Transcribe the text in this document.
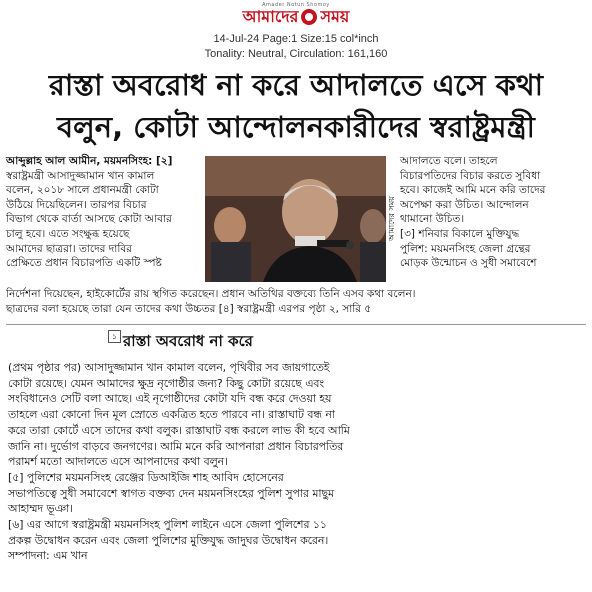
Amader Notun Shomoy
আমাদের সময়
14-Jul-24 Page:1 Size:15 col*inch
Tonality: Neutral, Circulation: 161,160
রাস্তা অবরোধ না করে আদালতে এসে কথা
বলুন, কোটা আন্দোলনকারীদের স্বরাষ্ট্রমন্ত্রী
আব্দুল্লাহ আল আমীন, ময়মনসিংহ: [২]
স্বরাষ্ট্রমন্ত্রী আসাদুজ্জামান খান কামাল
বলেন, ২০১৮ সালে প্রধানমন্ত্রী কোটা
উঠিয়ে দিয়েছিলেন। তারপর বিচার
বিভাগ থেকে বার্তা আসছে কোটা আবার
চালু হবে। এতে সংক্ষুব্ধ হয়েছে
আমাদের ছাত্ররা। তাদের দাবির
প্রেক্ষিতে প্রধান বিচারপতি একটি স্পষ্ট
আমাদের সময়
আদালতে বলে। তাহলে
বিচারপতিদের বিচার করতে সুবিধা
হবে। কাজেই আমি মনে করি তাদের
অপেক্ষা করা উচিত। আন্দোলন
থামানো উচিত।
[৩] শনিবার বিকালে মুক্তিযুদ্ধ
পুলিশ: ময়মনসিংহ জেলা গ্রন্থের
মোড়ক উন্মোচন ও সুধী সমাবেশে
নির্দেশনা দিয়েছেন, হাইকোর্টের রায় স্থগিত করেছেন। প্রধান অতিথির বক্তব্যে তিনি এসব কথা বলেন।
ছাত্রদের বলা হয়েছে তারা যেন তাদের কথা উচ্চতর [৪] স্বরাষ্ট্রমন্ত্রী এরপর পৃষ্ঠা ২, সারি ৫
১ রাস্তা অবরোধ না করে
(প্রথম পৃষ্ঠার পর) আসাদুজ্জামান খান কামাল বলেন, পৃথিবীর সব জায়গাতেই
কোটা রয়েছে। যেমন আমাদের ক্ষুদ্র নৃগোষ্ঠীর জন্য? কিছু কোটা রয়েছে এবং
সংবিধানেও সেটি বলা আছে। এই নৃগোষ্ঠীদের কোটা যদি বন্ধ করে দেওয়া হয়
তাহলে এরা কোনো দিন মূল স্রোতে একত্রিত হতে পারবে না। রাস্তাঘাট বন্ধ না
করে তারা কোর্টে এসে তাদের কথা বলুক। রাস্তাঘাট বন্ধ করলে লাভ কী হবে আমি
জানি না। দুর্ভোগ বাড়বে জনগণের। আমি মনে করি আপনারা প্রধান বিচারপতির
পরামর্শ মতো আদালতে এসে আপনাদের কথা বলুন।
[৫] পুলিশের ময়মনসিংহ রেঞ্জের ডিআইজি শাহ আবিদ হোসেনের
সভাপতিত্বে সুধী সমাবেশে স্বাগত বক্তব্য দেন ময়মনসিংহের পুলিশ সুপার মাছুম
আহাম্মদ ভূঞা।
[৬] এর আগে স্বরাষ্ট্রমন্ত্রী ময়মনসিংহ পুলিশ লাইনে এসে জেলা পুলিশের ১১
প্রকল্প উদ্বোধন করেন এবং জেলা পুলিশের মুক্তিযুদ্ধ জাদুঘর উদ্বোধন করেন।
সম্পাদনা: এম খান
